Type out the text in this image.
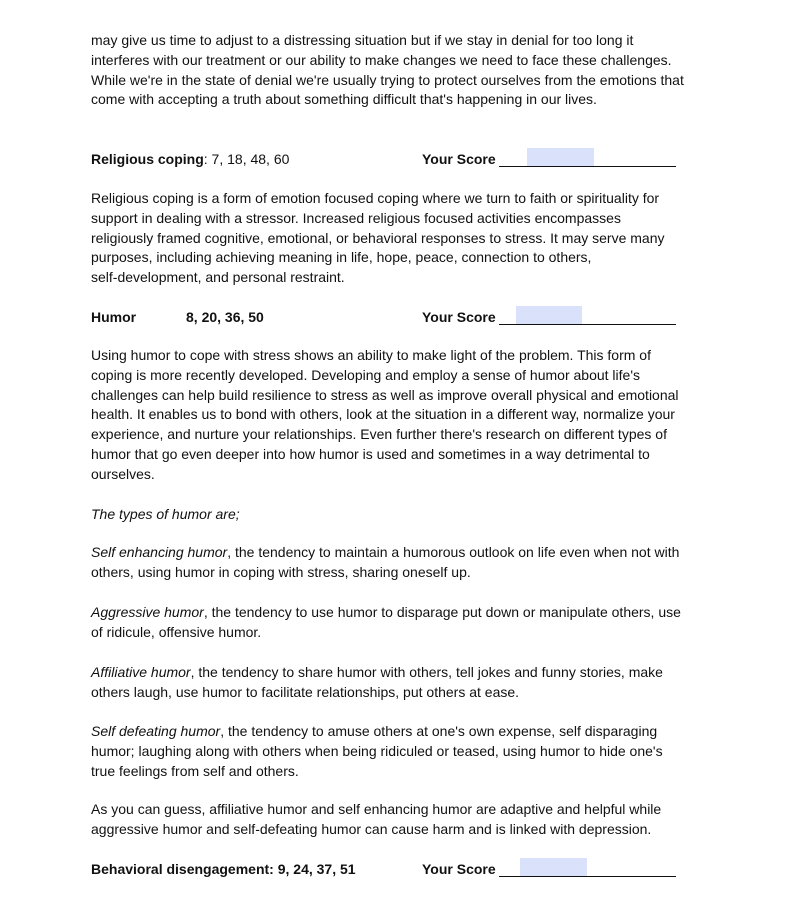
may give us time to adjust to a distressing situation but if we stay in denial for too long it
interferes with our treatment or our ability to make changes we need to face these challenges.
While we're in the state of denial we're usually trying to protect ourselves from the emotions that
come with accepting a truth about something difficult that's happening in our lives.

Religious coping: 7, 18, 48, 60	Your Score

Religious coping is a form of emotion focused coping where we turn to faith or spirituality for
support in dealing with a stressor. Increased religious focused activities encompasses
religiously framed cognitive, emotional, or behavioral responses to stress. It may serve many
purposes, including achieving meaning in life, hope, peace, connection to others,
self-development, and personal restraint.

Humor	8, 20, 36, 50	Your Score

Using humor to cope with stress shows an ability to make light of the problem. This form of
coping is more recently developed. Developing and employ a sense of humor about life's
challenges can help build resilience to stress as well as improve overall physical and emotional
health. It enables us to bond with others, look at the situation in a different way, normalize your
experience, and nurture your relationships. Even further there's research on different types of
humor that go even deeper into how humor is used and sometimes in a way detrimental to
ourselves.

The types of humor are;

Self enhancing humor, the tendency to maintain a humorous outlook on life even when not with
others, using humor in coping with stress, sharing oneself up.

Aggressive humor, the tendency to use humor to disparage put down or manipulate others, use
of ridicule, offensive humor.

Affiliative humor, the tendency to share humor with others, tell jokes and funny stories, make
others laugh, use humor to facilitate relationships, put others at ease.

Self defeating humor, the tendency to amuse others at one's own expense, self disparaging
humor; laughing along with others when being ridiculed or teased, using humor to hide one's
true feelings from self and others.

As you can guess, affiliative humor and self enhancing humor are adaptive and helpful while
aggressive humor and self-defeating humor can cause harm and is linked with depression.

Behavioral disengagement: 9, 24, 37, 51	Your Score
